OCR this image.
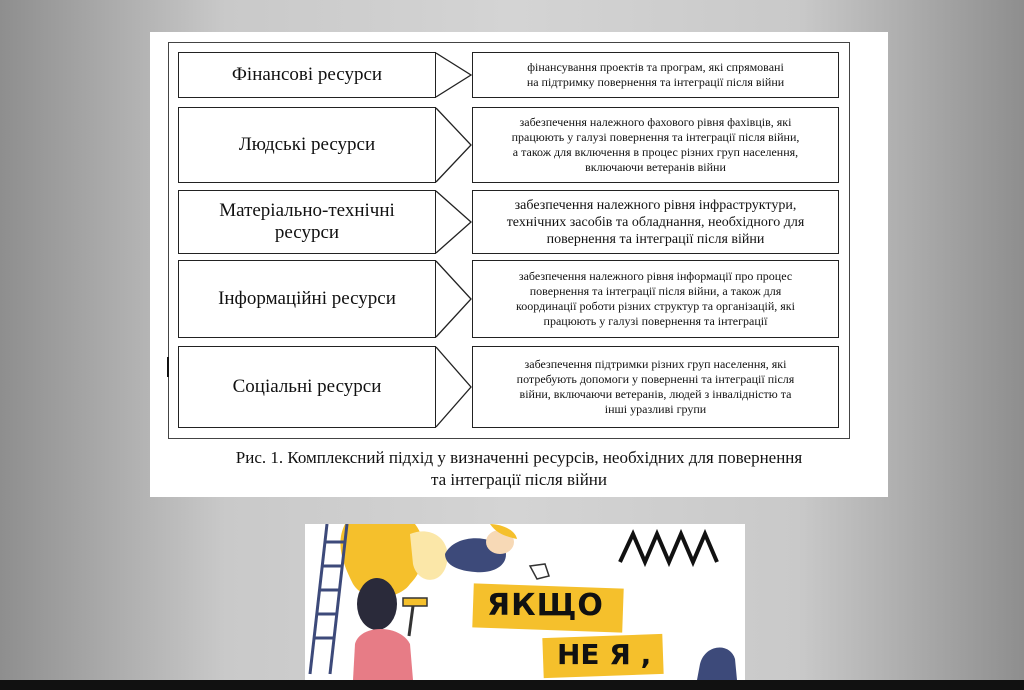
Фінансові ресурси	фінансування проектів та програм, які спрямовані
на підтримку повернення та інтеграції після війни
Людські ресурси
забезпечення належного фахового рівня фахівців, які
працюють у галузі повернення та інтеграції після війни,
а також для включення в процес різних груп населення,
включаючи ветеранів війни
Матеріально-технічні
ресурси
забезпечення належного рівня інфраструктури,
технічних засобів та обладнання, необхідного для
повернення та інтеграції після війни
Інформаційні ресурси
забезпечення належного рівня інформації про процес
повернення та інтеграції після війни, а також для
координації роботи різних структур та організацій, які
працюють у галузі повернення та інтеграції
Соціальні ресурси
забезпечення підтримки різних груп населення, які
потребують допомоги у поверненні та інтеграції після
війни, включаючи ветеранів, людей з інвалідністю та
інші уразливі групи
Рис. 1. Комплексний підхід у визначенні ресурсів, необхідних для повернення
та інтеграції після війни
ЯКЩО
НЕ Я ,
